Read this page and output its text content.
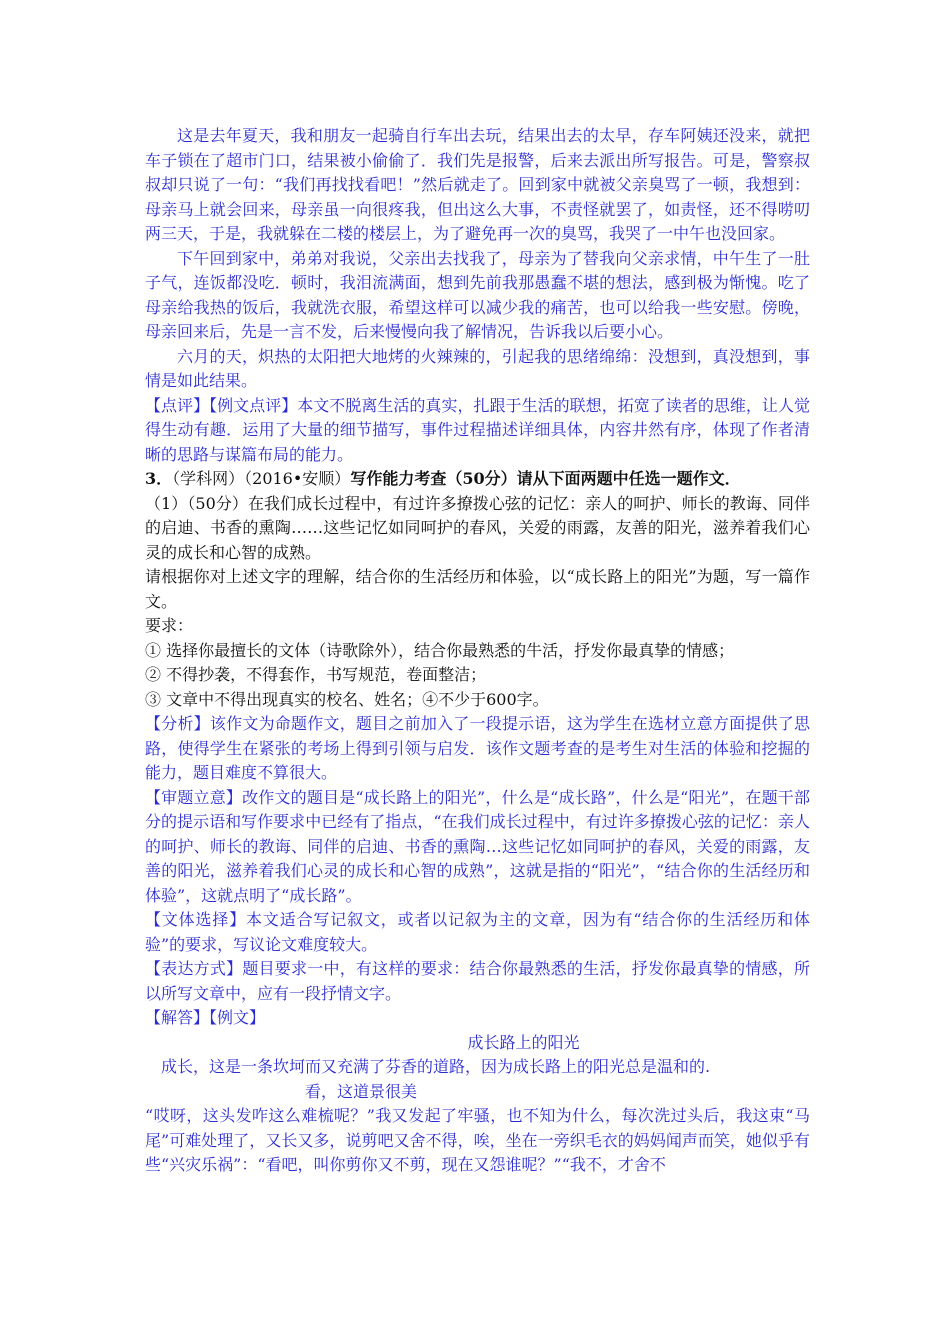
这是去年夏天，我和朋友一起骑自行车出去玩，结果出去的太早，存车阿姨还没来，就把车子锁在了超市门口，结果被小偷偷了．我们先是报警，后来去派出所写报告。可是，警察叔叔却只说了一句：“我们再找找看吧！”然后就走了。回到家中就被父亲臭骂了一顿，我想到：母亲马上就会回来，母亲虽一向很疼我，但出这么大事，不责怪就罢了，如责怪，还不得唠叨两三天，于是，我就躲在二楼的楼层上，为了避免再一次的臭骂，我哭了一中午也没回家。

下午回到家中，弟弟对我说，父亲出去找我了，母亲为了替我向父亲求情，中午生了一肚子气，连饭都没吃．顿时，我泪流满面，想到先前我那愚蠢不堪的想法，感到极为惭愧。吃了母亲给我热的饭后，我就洗衣服，希望这样可以减少我的痛苦，也可以给我一些安慰。傍晚，母亲回来后，先是一言不发，后来慢慢向我了解情况，告诉我以后要小心。

六月的天，炽热的太阳把大地烤的火辣辣的，引起我的思绪绵绵：没想到，真没想到，事情是如此结果。

【点评】【例文点评】本文不脱离生活的真实，扎跟于生活的联想，拓宽了读者的思维，让人觉得生动有趣．运用了大量的细节描写，事件过程描述详细具体，内容井然有序，体现了作者清晰的思路与谋篇布局的能力。

3．（学科网）（2016•安顺）写作能力考查（50分）请从下面两题中任选一题作文．

（1）（50分）在我们成长过程中，有过许多撩拨心弦的记忆：亲人的呵护、师长的教诲、同伴的启迪、书香的熏陶……这些记忆如同呵护的春风，关爱的雨露，友善的阳光，滋养着我们心灵的成长和心智的成熟。

请根据你对上述文字的理解，结合你的生活经历和体验，以“成长路上的阳光”为题，写一篇作文。

要求：

① 选择你最擅长的文体（诗歌除外），结合你最熟悉的牛活，抒发你最真挚的情感；

② 不得抄袭，不得套作，书写规范，卷面整洁；

③ 文章中不得出现真实的校名、姓名；④不少于600字。

【分析】该作文为命题作文，题目之前加入了一段提示语，这为学生在选材立意方面提供了思路，使得学生在紧张的考场上得到引领与启发．该作文题考查的是考生对生活的体验和挖掘的能力，题目难度不算很大。

【审题立意】改作文的题目是“成长路上的阳光”，什么是“成长路”，什么是“阳光”，在题干部分的提示语和写作要求中已经有了指点，“在我们成长过程中，有过许多撩拨心弦的记忆：亲人的呵护、师长的教诲、同伴的启迪、书香的熏陶…这些记忆如同呵护的春风，关爱的雨露，友善的阳光，滋养着我们心灵的成长和心智的成熟”，这就是指的“阳光”，“结合你的生活经历和体验”，这就点明了“成长路”。

【文体选择】本文适合写记叙文，或者以记叙为主的文章，因为有“结合你的生活经历和体验”的要求，写议论文难度较大。

【表达方式】题目要求一中，有这样的要求：结合你最熟悉的生活，抒发你最真挚的情感，所以所写文章中，应有一段抒情文字。

【解答】【例文】

成长路上的阳光

成长，这是一条坎坷而又充满了芬香的道路，因为成长路上的阳光总是温和的.

看，这道景很美

“哎呀，这头发咋这么难梳呢？”我又发起了牢骚，也不知为什么，每次洗过头后，我这束“马尾”可难处理了，又长又多，说剪吧又舍不得，唉，坐在一旁织毛衣的妈妈闻声而笑，她似乎有些“兴灾乐祸”：“看吧，叫你剪你又不剪，现在又怨谁呢？”“我不，才舍不
